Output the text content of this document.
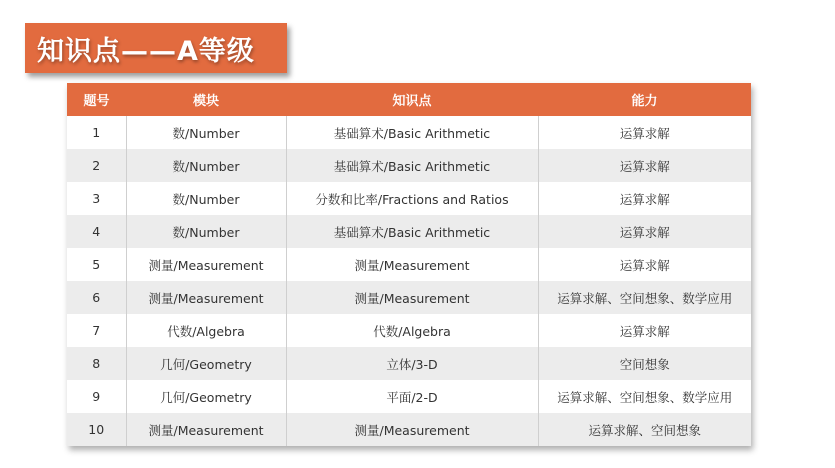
知识点——A等级
题号	模块	知识点	能力
1	数/Number	基础算术/Basic Arithmetic	运算求解
2	数/Number	基础算术/Basic Arithmetic	运算求解
3	数/Number	分数和比率/Fractions and Ratios	运算求解
4	数/Number	基础算术/Basic Arithmetic	运算求解
5	测量/Measurement	测量/Measurement	运算求解
6	测量/Measurement	测量/Measurement	运算求解、空间想象、数学应用
7	代数/Algebra	代数/Algebra	运算求解
8	几何/Geometry	立体/3-D	空间想象
9	几何/Geometry	平面/2-D	运算求解、空间想象、数学应用
10	测量/Measurement	测量/Measurement	运算求解、空间想象
